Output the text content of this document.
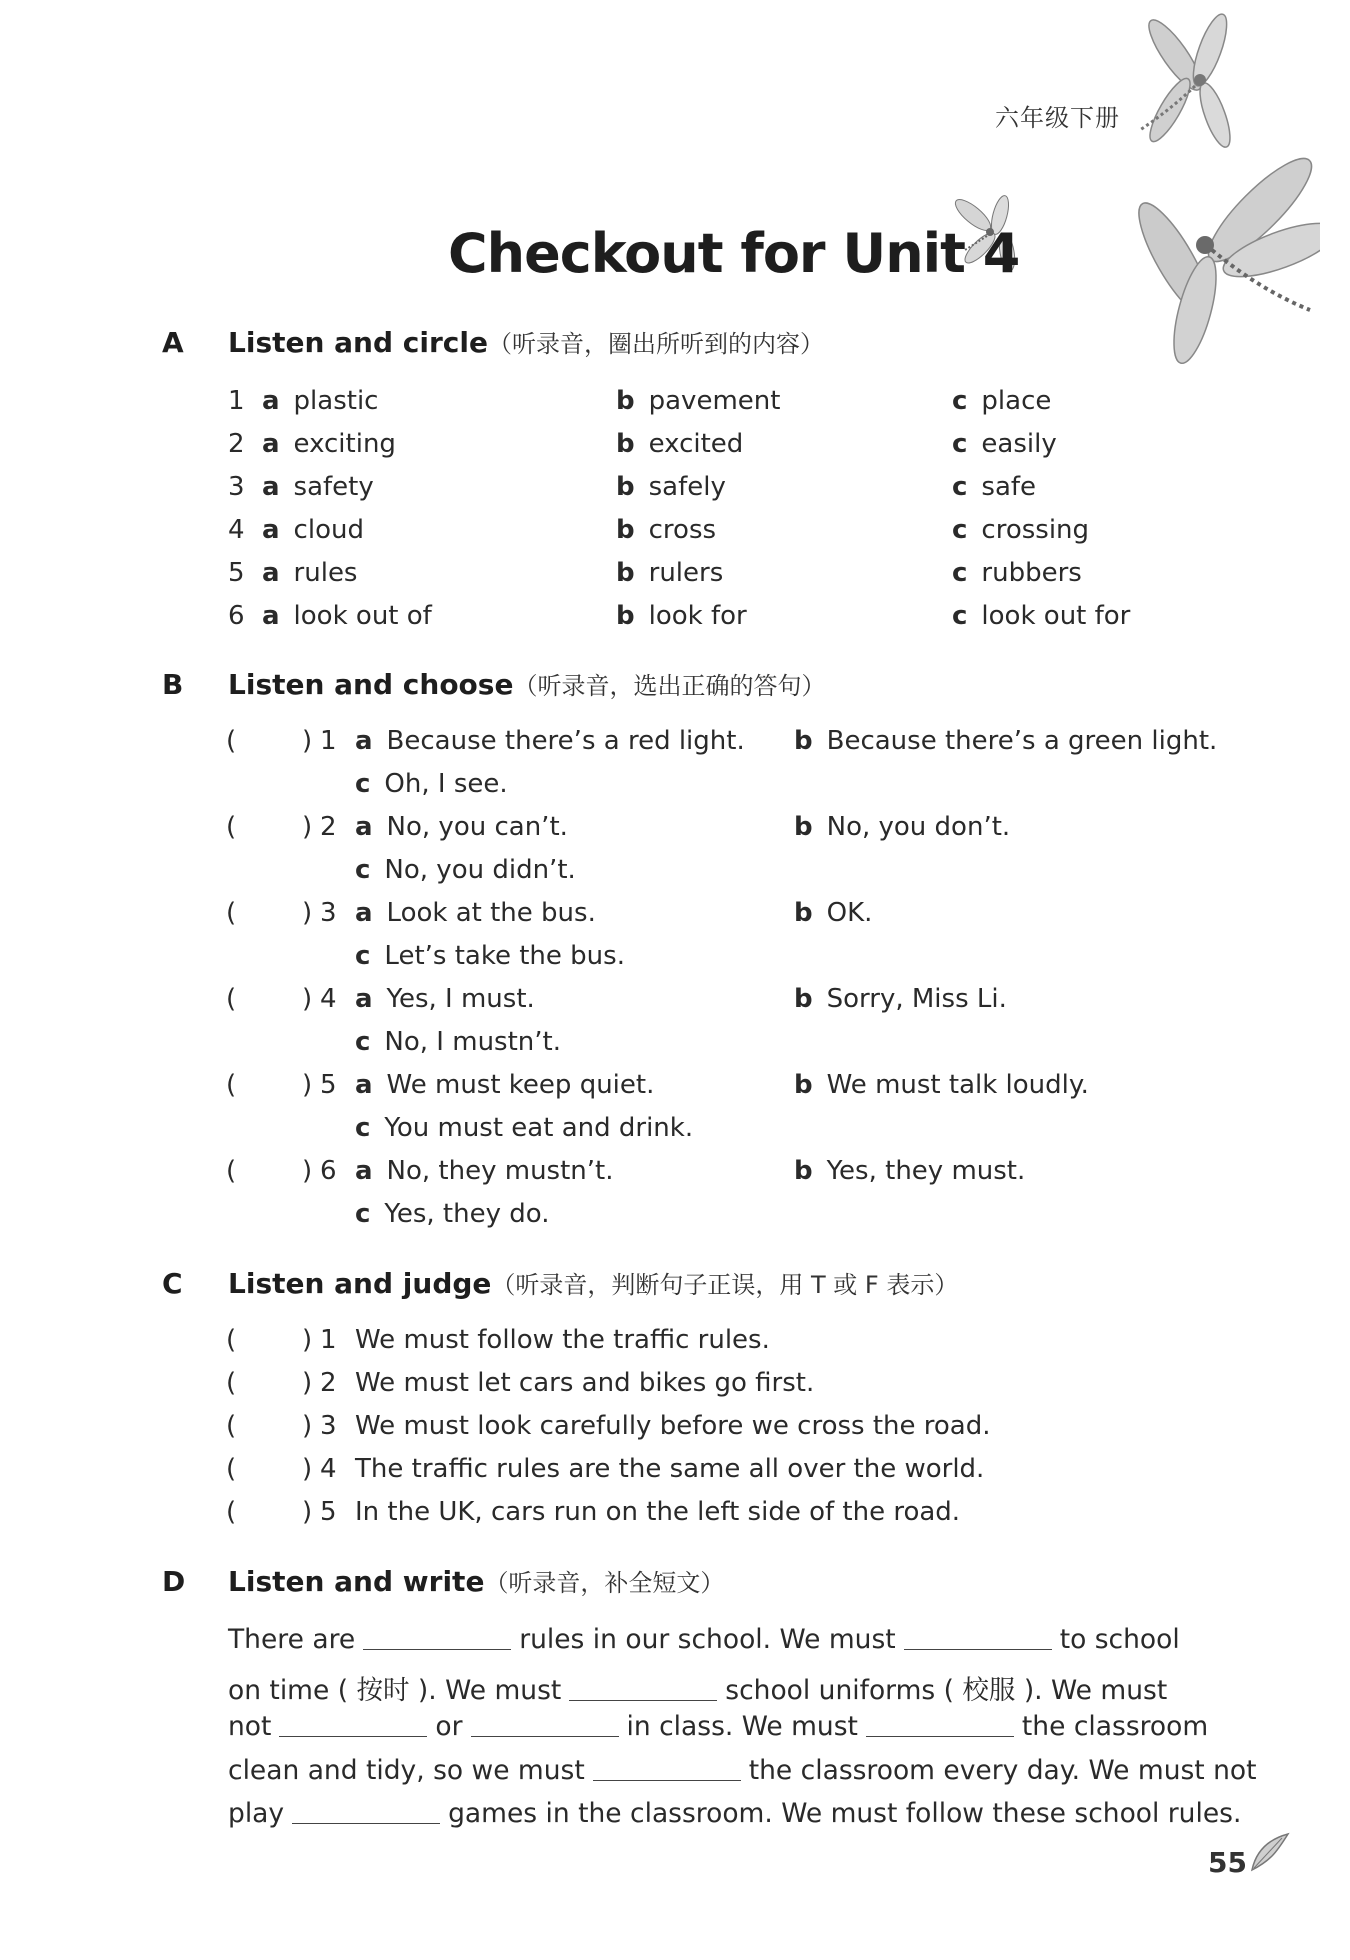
六年级下册
Checkout for Unit 4
A Listen and circle（听录音，圈出所听到的内容）
1 a plastic	b pavement	c place
2 a exciting	b excited	c easily
3 a safety	b safely	c safe
4 a cloud	b cross	c crossing
5 a rules	b rulers	c rubbers
6 a look out of	b look for	c look out for
B Listen and choose（听录音，选出正确的答句）
(	) 1 a Because there’s a red light. b Because there’s a green light.
c Oh, I see.
(	) 2 a No, you can’t.	b No, you don’t.
c No, you didn’t.
(	) 3 a Look at the bus.	b OK.
c Let’s take the bus.
(	) 4 a Yes, I must.	b Sorry, Miss Li.
c No, I mustn’t.
(	) 5 a We must keep quiet.	b We must talk loudly.
c You must eat and drink.
(	) 6 a No, they mustn’t.	b Yes, they must.
c Yes, they do.
C Listen and judge（听录音，判断句子正误，用 T 或 F 表示）
(	) 1 We must follow the traffic rules.
(	) 2 We must let cars and bikes go first.
(	) 3 We must look carefully before we cross the road.
(	) 4 The traffic rules are the same all over the world.
(	) 5 In the UK, cars run on the left side of the road.
D Listen and write（听录音，补全短文）
There are	rules in our school. We must	to school
on time ( 按时 ). We must	school uniforms ( 校服 ). We must
not	or	in class. We must	the classroom
clean and tidy, so we must	the classroom every day. We must not
play	games in the classroom. We must follow these school rules.
55
